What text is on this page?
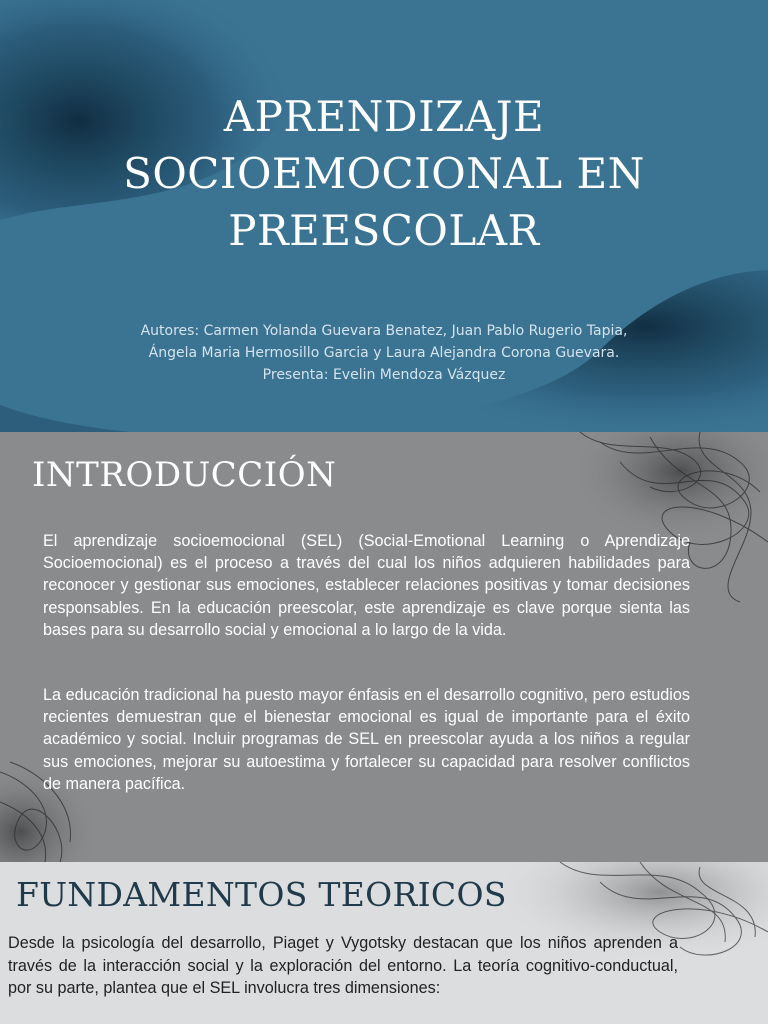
APRENDIZAJE
SOCIOEMOCIONAL EN
PREESCOLAR
Autores: Carmen Yolanda Guevara Benatez, Juan Pablo Rugerio Tapia,
Ángela Maria Hermosillo Garcia y Laura Alejandra Corona Guevara.
Presenta: Evelin Mendoza Vázquez
INTRODUCCIÓN

El aprendizaje socioemocional (SEL) (Social-Emotional Learning o Aprendizaje Socioemocional) es el proceso a través del cual los niños adquieren habilidades para reconocer y gestionar sus emociones, establecer relaciones positivas y tomar decisiones responsables. En la educación preescolar, este aprendizaje es clave porque sienta las bases para su desarrollo social y emocional a lo largo de la vida.

La educación tradicional ha puesto mayor énfasis en el desarrollo cognitivo, pero estudios recientes demuestran que el bienestar emocional es igual de importante para el éxito académico y social. Incluir programas de SEL en preescolar ayuda a los niños a regular sus emociones, mejorar su autoestima y fortalecer su capacidad para resolver conflictos de manera pacífica.

FUNDAMENTOS TEORICOS

Desde la psicología del desarrollo, Piaget y Vygotsky destacan que los niños aprenden a través de la interacción social y la exploración del entorno. La teoría cognitivo-conductual, por su parte, plantea que el SEL involucra tres dimensiones:
